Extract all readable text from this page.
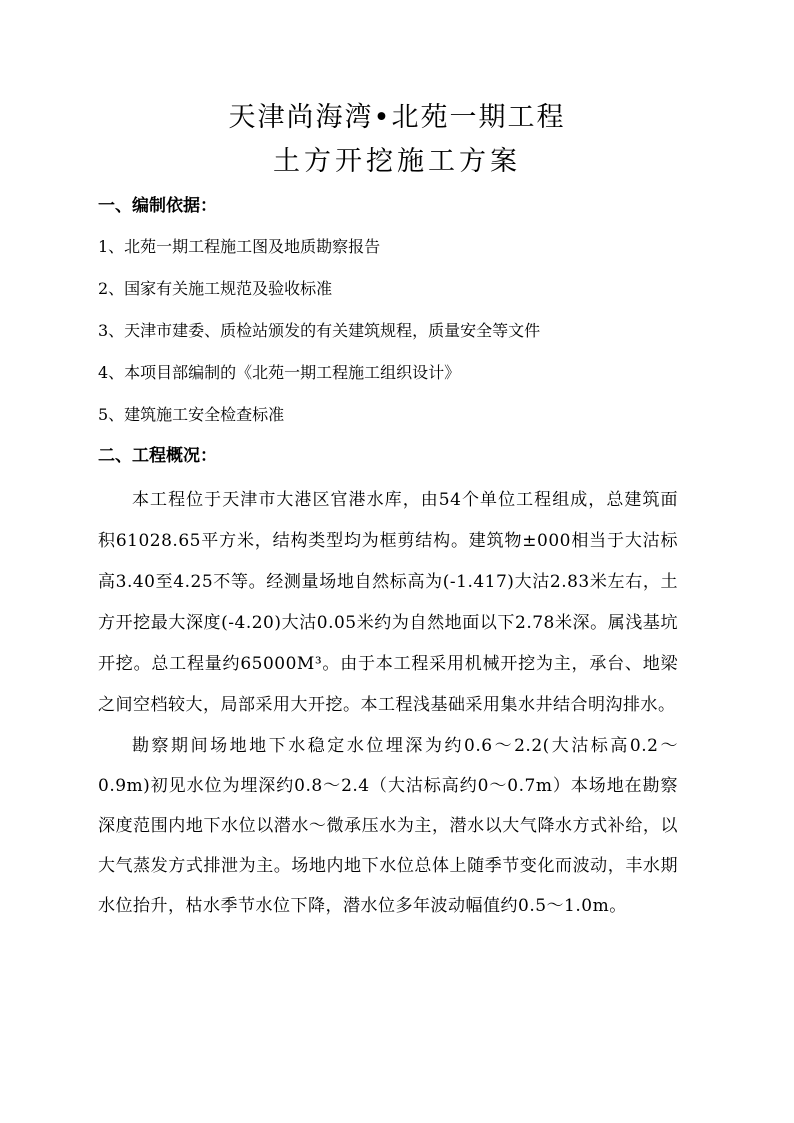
天津尚海湾•北苑一期工程
土方开挖施工方案
一、编制依据：
1、北苑一期工程施工图及地质勘察报告
2、国家有关施工规范及验收标准
3、天津市建委、质检站颁发的有关建筑规程，质量安全等文件
4、本项目部编制的《北苑一期工程施工组织设计》
5、建筑施工安全检查标准
二、工程概况：

本工程位于天津市大港区官港水库，由54个单位工程组成，总建筑面积61028.65平方米，结构类型均为框剪结构。建筑物±000相当于大沽标高3.40至4.25不等。经测量场地自然标高为(-1.417)大沽2.83米左右，土方开挖最大深度(-4.20)大沽0.05米约为自然地面以下2.78米深。属浅基坑开挖。总工程量约65000M³。由于本工程采用机械开挖为主，承台、地梁之间空档较大，局部采用大开挖。本工程浅基础采用集水井结合明沟排水。

勘察期间场地地下水稳定水位埋深为约0.6～2.2(大沽标高0.2～0.9m)初见水位为埋深约0.8～2.4（大沽标高约0～0.7m）本场地在勘察深度范围内地下水位以潜水～微承压水为主，潜水以大气降水方式补给，以大气蒸发方式排泄为主。场地内地下水位总体上随季节变化而波动，丰水期水位抬升，枯水季节水位下降，潜水位多年波动幅值约0.5～1.0m。
